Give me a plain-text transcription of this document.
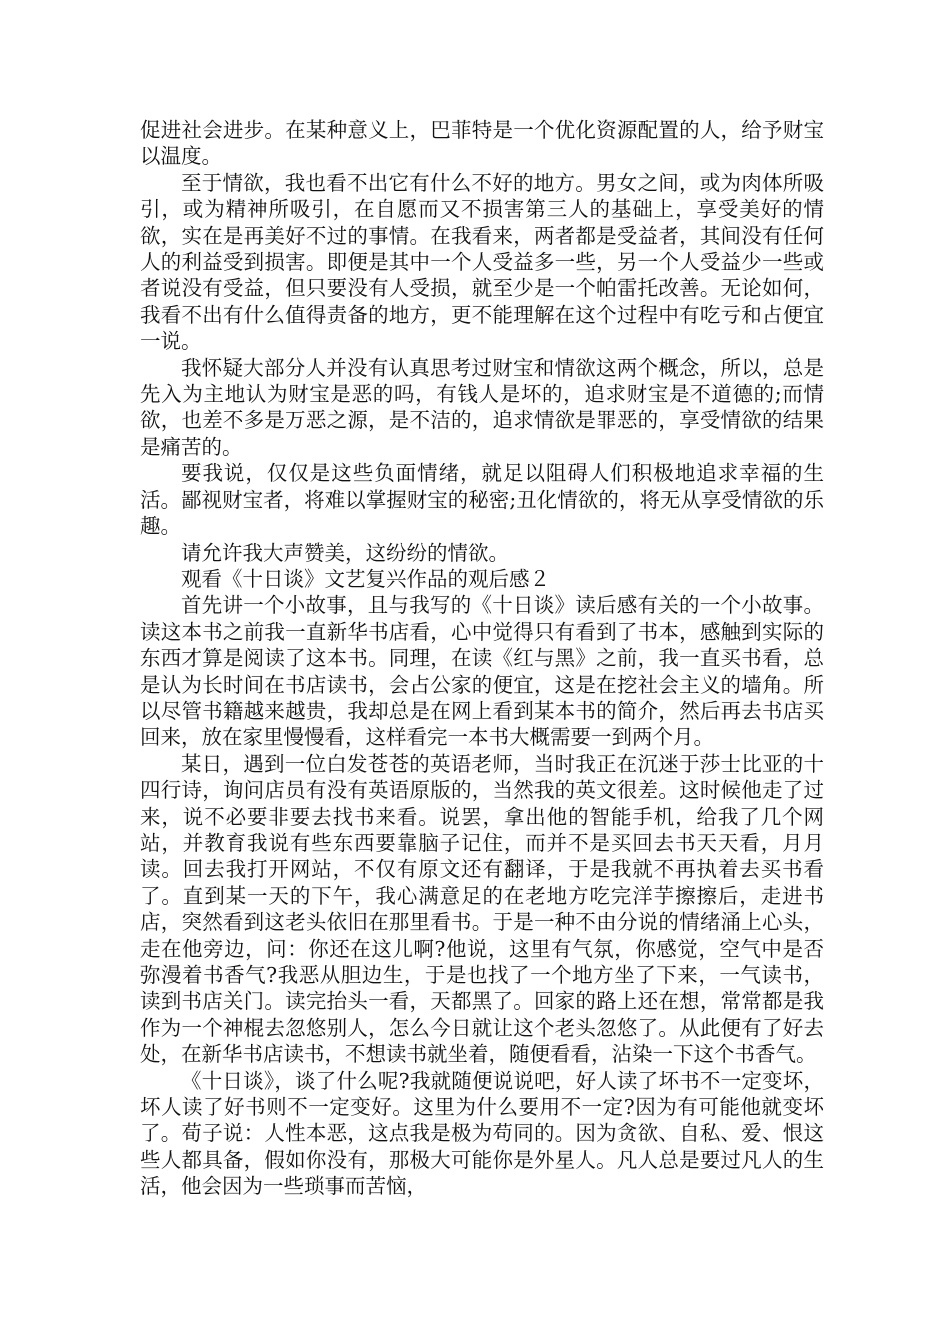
促进社会进步。在某种意义上，巴菲特是一个优化资源配置的人，给予财宝以温度。

至于情欲，我也看不出它有什么不好的地方。男女之间，或为肉体所吸引，或为精神所吸引，在自愿而又不损害第三人的基础上，享受美好的情欲，实在是再美好不过的事情。在我看来，两者都是受益者，其间没有任何人的利益受到损害。即便是其中一个人受益多一些，另一个人受益少一些或者说没有受益，但只要没有人受损，就至少是一个帕雷托改善。无论如何，我看不出有什么值得责备的地方，更不能理解在这个过程中有吃亏和占便宜一说。

我怀疑大部分人并没有认真思考过财宝和情欲这两个概念，所以，总是先入为主地认为财宝是恶的吗，有钱人是坏的，追求财宝是不道德的;而情欲，也差不多是万恶之源，是不洁的，追求情欲是罪恶的，享受情欲的结果是痛苦的。

要我说，仅仅是这些负面情绪，就足以阻碍人们积极地追求幸福的生活。鄙视财宝者，将难以掌握财宝的秘密;丑化情欲的，将无从享受情欲的乐趣。

请允许我大声赞美，这纷纷的情欲。

观看《十日谈》文艺复兴作品的观后感２

首先讲一个小故事，且与我写的《十日谈》读后感有关的一个小故事。读这本书之前我一直新华书店看，心中觉得只有看到了书本，感触到实际的东西才算是阅读了这本书。同理，在读《红与黑》之前，我一直买书看，总是认为长时间在书店读书，会占公家的便宜，这是在挖社会主义的墙角。所以尽管书籍越来越贵，我却总是在网上看到某本书的简介，然后再去书店买回来，放在家里慢慢看，这样看完一本书大概需要一到两个月。

某日，遇到一位白发苍苍的英语老师，当时我正在沉迷于莎士比亚的十四行诗，询问店员有没有英语原版的，当然我的英文很差。这时候他走了过来，说不必要非要去找书来看。说罢，拿出他的智能手机，给我了几个网站，并教育我说有些东西要靠脑子记住，而并不是买回去书天天看，月月读。回去我打开网站，不仅有原文还有翻译，于是我就不再执着去买书看了。直到某一天的下午，我心满意足的在老地方吃完洋芋擦擦后，走进书店，突然看到这老头依旧在那里看书。于是一种不由分说的情绪涌上心头，走在他旁边，问：你还在这儿啊?他说，这里有气氛，你感觉，空气中是否弥漫着书香气?我恶从胆边生，于是也找了一个地方坐了下来，一气读书，读到书店关门。读完抬头一看，天都黑了。回家的路上还在想，常常都是我作为一个神棍去忽悠别人，怎么今日就让这个老头忽悠了。从此便有了好去处，在新华书店读书，不想读书就坐着，随便看看，沾染一下这个书香气。

《十日谈》，谈了什么呢?我就随便说说吧，好人读了坏书不一定变坏，坏人读了好书则不一定变好。这里为什么要用不一定?因为有可能他就变坏了。荀子说：人性本恶，这点我是极为苟同的。因为贪欲、自私、爱、恨这些人都具备，假如你没有，那极大可能你是外星人。凡人总是要过凡人的生活，他会因为一些琐事而苦恼，
